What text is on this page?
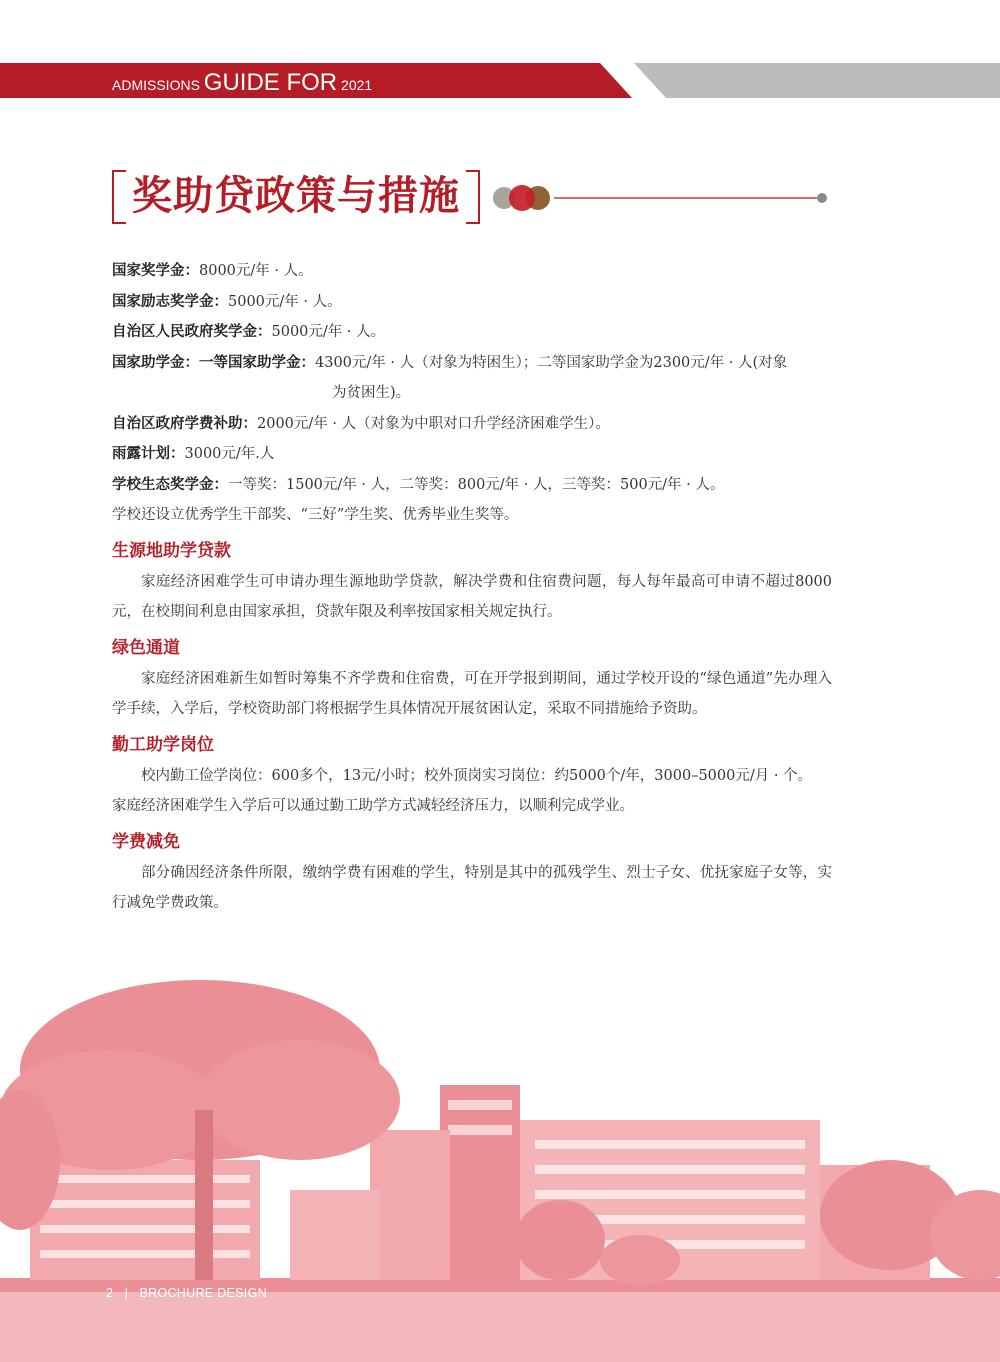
ADMISSIONS GUIDE FOR 2021
奖助贷政策与措施
国家奖学金：8000元/年 · 人。
国家励志奖学金：5000元/年 · 人。
自治区人民政府奖学金：5000元/年 · 人。
国家助学金：一等国家助学金：4300元/年 · 人（对象为特困生）；二等国家助学金为2300元/年 · 人(对象
为贫困生)。
自治区政府学费补助：2000元/年 · 人（对象为中职对口升学经济困难学生）。
雨露计划：3000元/年.人
学校生态奖学金：一等奖：1500元/年 · 人，二等奖：800元/年 · 人，三等奖：500元/年 · 人。
学校还设立优秀学生干部奖、“三好”学生奖、优秀毕业生奖等。
生源地助学贷款
家庭经济困难学生可申请办理生源地助学贷款，解决学费和住宿费问题，每人每年最高可申请不超过8000元，在校期间利息由国家承担，贷款年限及利率按国家相关规定执行。
绿色通道
家庭经济困难新生如暂时筹集不齐学费和住宿费，可在开学报到期间，通过学校开设的“绿色通道”先办理入学手续，入学后，学校资助部门将根据学生具体情况开展贫困认定，采取不同措施给予资助。
勤工助学岗位
校内勤工俭学岗位：600多个，13元/小时；校外顶岗实习岗位：约5000个/年，3000–5000元/月 · 个。
家庭经济困难学生入学后可以通过勤工助学方式减轻经济压力，以顺利完成学业。
学费减免
部分确因经济条件所限，缴纳学费有困难的学生，特别是其中的孤残学生、烈士子女、优抚家庭子女等，实行减免学费政策。
2 | BROCHURE DESIGN
